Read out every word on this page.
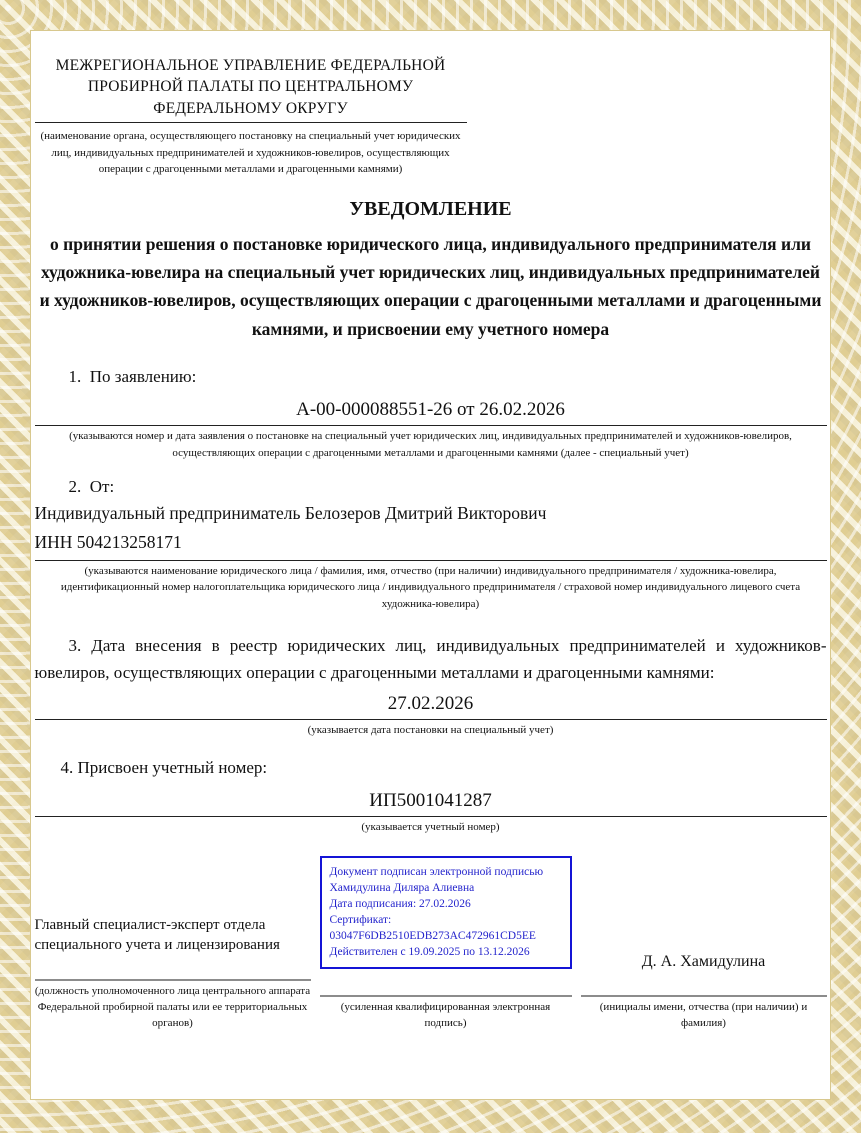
МЕЖРЕГИОНАЛЬНОЕ УПРАВЛЕНИЕ ФЕДЕРАЛЬНОЙ ПРОБИРНОЙ ПАЛАТЫ ПО ЦЕНТРАЛЬНОМУ ФЕДЕРАЛЬНОМУ ОКРУГУ
(наименование органа, осуществляющего постановку на специальный учет юридических лиц, индивидуальных предпринимателей и художников-ювелиров, осуществляющих  операции с драгоценными металлами и драгоценными камнями)
УВЕДОМЛЕНИЕ
о принятии решения о постановке юридического лица, индивидуального предпринимателя или художника-ювелира на специальный учет юридических лиц, индивидуальных предпринимателей и художников-ювелиров, осуществляющих операции с драгоценными металлами и драгоценными камнями, и присвоении ему учетного номера
1.  По заявлению:
А-00-000088551-26 от 26.02.2026
(указываются номер и дата заявления о постановке на специальный учет юридических лиц, индивидуальных предпринимателей и художников-ювелиров, осуществляющих операции с драгоценными металлами и драгоценными камнями (далее - специальный учет)
2.  От:
Индивидуальный предприниматель Белозеров Дмитрий Викторович
ИНН 504213258171
(указываются наименование юридического лица / фамилия, имя, отчество (при наличии) индивидуального предпринимателя / художника-ювелира, идентификационный номер налогоплательщика юридического лица / индивидуального предпринимателя / страховой номер индивидуального лицевого счета художника-ювелира)
3. Дата внесения в реестр юридических лиц, индивидуальных предпринимателей и художников-ювелиров, осуществляющих операции с драгоценными металлами и драгоценными камнями:
27.02.2026
(указывается дата постановки на специальный учет)
4. Присвоен учетный номер:
ИП5001041287
(указывается учетный номер)
Главный специалист-эксперт отдела специального учета и лицензирования
(должность уполномоченного лица центрального аппарата Федеральной пробирной палаты или ее территориальных органов)
Документ подписан электронной подписью
Хамидулина Диляра Алиевна
Дата подписания: 27.02.2026
Сертификат:
03047F6DB2510EDB273AC472961CD5EE
Действителен с 19.09.2025 по 13.12.2026
(усиленная квалифицированная электронная подпись)
Д. А. Хамидулина
(инициалы имени, отчества (при наличии) и фамилия)
